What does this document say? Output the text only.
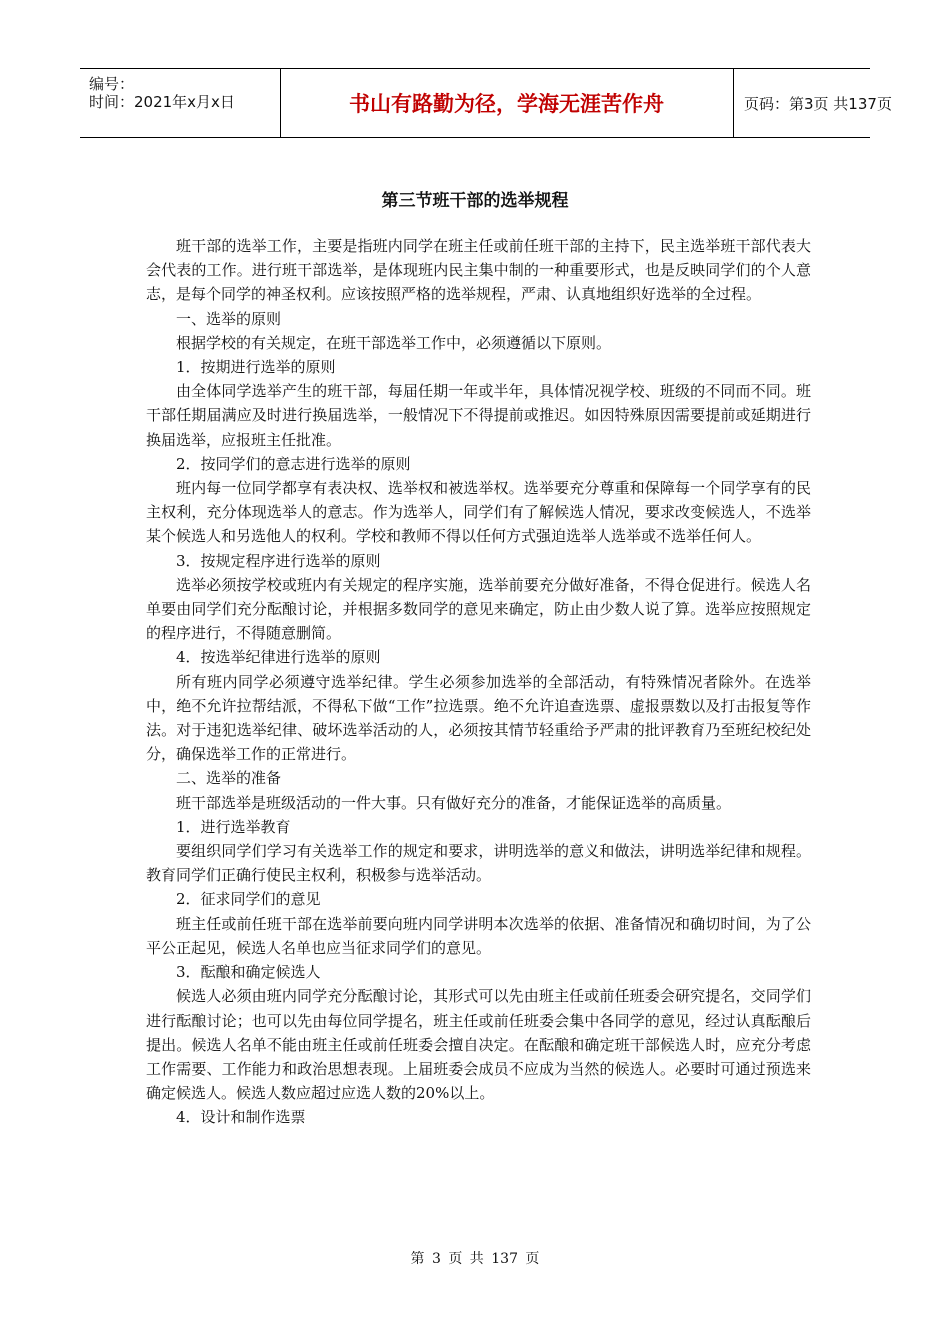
编号：
时间：2021年x月x日	书山有路勤为径，学海无涯苦作舟	页码：第3页 共137页
第三节班干部的选举规程

班干部的选举工作，主要是指班内同学在班主任或前任班干部的主持下，民主选举班干部代表大会代表的工作。进行班干部选举，是体现班内民主集中制的一种重要形式，也是反映同学们的个人意志，是每个同学的神圣权利。应该按照严格的选举规程，严肃、认真地组织好选举的全过程。

一、选举的原则

根据学校的有关规定，在班干部选举工作中，必须遵循以下原则。

1．按期进行选举的原则

由全体同学选举产生的班干部，每届任期一年或半年，具体情况视学校、班级的不同而不同。班干部任期届满应及时进行换届选举，一般情况下不得提前或推迟。如因特殊原因需要提前或延期进行换届选举，应报班主任批准。

2．按同学们的意志进行选举的原则

班内每一位同学都享有表决权、选举权和被选举权。选举要充分尊重和保障每一个同学享有的民主权利，充分体现选举人的意志。作为选举人，同学们有了解候选人情况，要求改变候选人，不选举某个候选人和另选他人的权利。学校和教师不得以任何方式强迫选举人选举或不选举任何人。

3．按规定程序进行选举的原则

选举必须按学校或班内有关规定的程序实施，选举前要充分做好准备，不得仓促进行。候选人名单要由同学们充分酝酿讨论，并根据多数同学的意见来确定，防止由少数人说了算。选举应按照规定的程序进行，不得随意删简。

4．按选举纪律进行选举的原则

所有班内同学必须遵守选举纪律。学生必须参加选举的全部活动，有特殊情况者除外。在选举中，绝不允许拉帮结派，不得私下做“工作”拉选票。绝不允许追查选票、虚报票数以及打击报复等作法。对于违犯选举纪律、破坏选举活动的人，必须按其情节轻重给予严肃的批评教育乃至班纪校纪处分，确保选举工作的正常进行。

二、选举的准备

班干部选举是班级活动的一件大事。只有做好充分的准备，才能保证选举的高质量。

1．进行选举教育

要组织同学们学习有关选举工作的规定和要求，讲明选举的意义和做法，讲明选举纪律和规程。教育同学们正确行使民主权利，积极参与选举活动。

2．征求同学们的意见

班主任或前任班干部在选举前要向班内同学讲明本次选举的依据、准备情况和确切时间，为了公平公正起见，候选人名单也应当征求同学们的意见。

3．酝酿和确定候选人

候选人必须由班内同学充分酝酿讨论，其形式可以先由班主任或前任班委会研究提名，交同学们进行酝酿讨论；也可以先由每位同学提名，班主任或前任班委会集中各同学的意见，经过认真酝酿后提出。候选人名单不能由班主任或前任班委会擅自决定。在酝酿和确定班干部候选人时，应充分考虑工作需要、工作能力和政治思想表现。上届班委会成员不应成为当然的候选人。必要时可通过预选来确定候选人。候选人数应超过应选人数的20%以上。

4．设计和制作选票

第 3 页 共 137 页
